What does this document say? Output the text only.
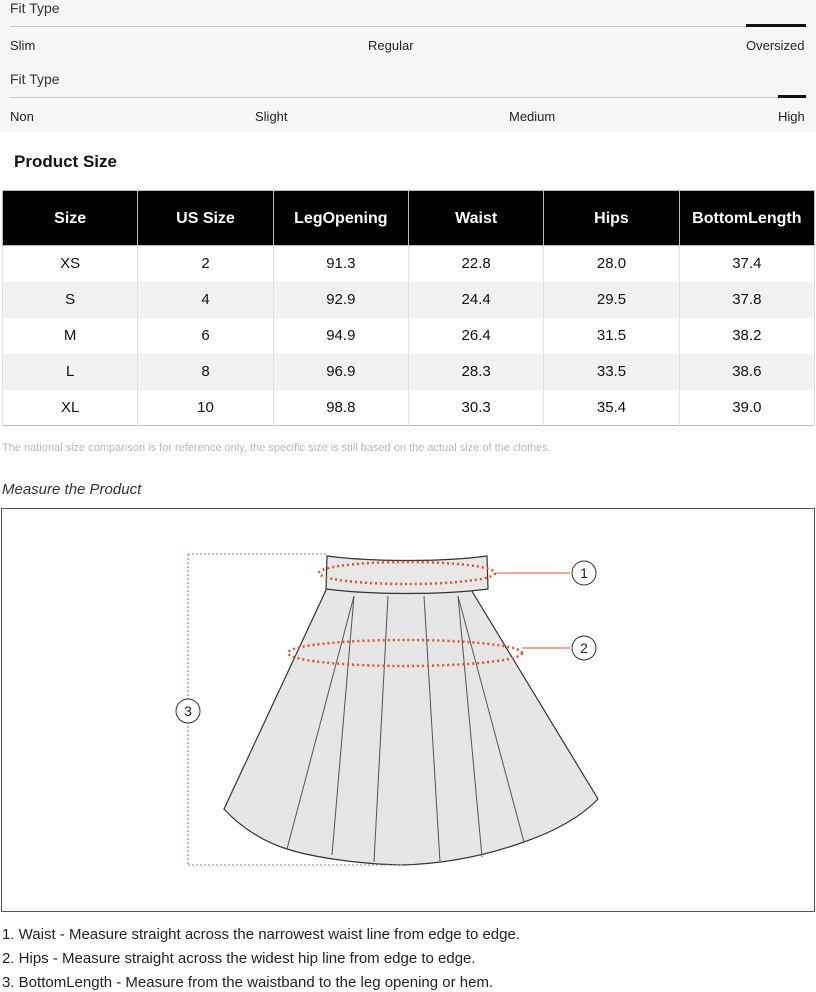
Fit Type
Slim	Regular	Oversized
Fit Type
Non	Slight	Medium	High
Product Size
Size	US Size	LegOpening	Waist	Hips	BottomLength
XS	2	91.3	22.8	28.0	37.4
S	4	92.9	24.4	29.5	37.8
M	6	94.9	26.4	31.5	38.2
L	8	96.9	28.3	33.5	38.6
XL	10	98.8	30.3	35.4	39.0
The national size comparison is for reference only, the specific size is still based on the actual size of the clothes.
Measure the Product
1
2
3
1. Waist - Measure straight across the narrowest waist line from edge to edge.
2. Hips - Measure straight across the widest hip line from edge to edge.
3. BottomLength - Measure from the waistband to the leg opening or hem.
